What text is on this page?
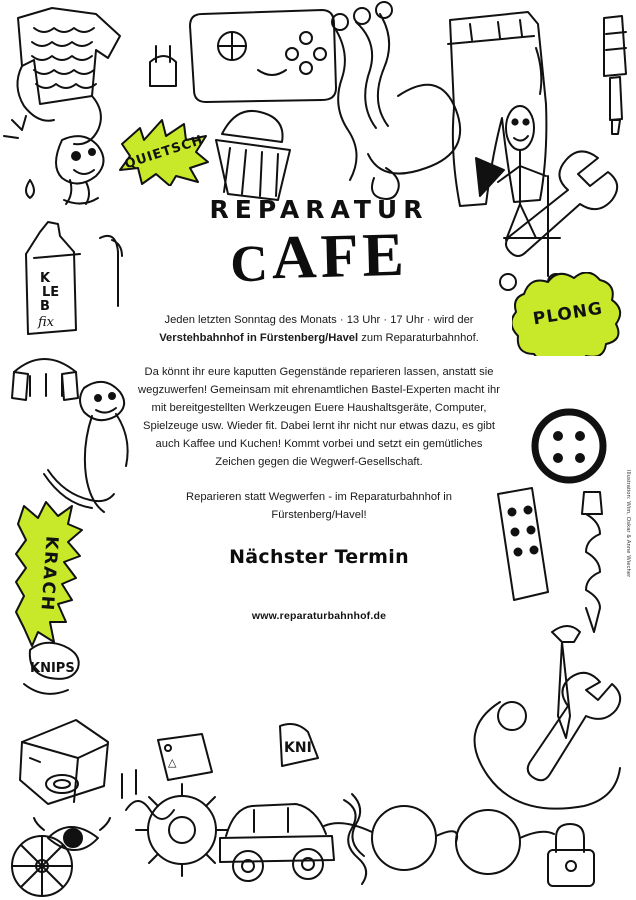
K
LE
B
fix
KNIPS
△
KNI
QUIETSCH
PLONG
KRACH
REPARATUR
CAFE

Jeden letzten Sonntag des Monats · 13 Uhr · 17 Uhr · wird der Verstehbahnhof in Fürstenberg/Havel zum Reparaturbahnhof.

Da könnt ihr eure kaputten Gegenstände reparieren lassen, anstatt sie wegzuwerfen! Gemeinsam mit ehrenamtlichen Bastel-Experten macht ihr mit bereitgestellten Werkzeugen Euere Haushaltsgeräte, Computer, Spielzeuge usw. Wieder fit. Dabei lernt ihr nicht nur etwas dazu, es gibt auch Kaffee und Kuchen! Kommt vorbei und setzt ein gemütliches Zeichen gegen die Wegwerf-Gesellschaft.

Reparieren statt Wegwerfen - im Reparaturbahnhof in Fürstenberg/Havel!

Nächster Termin
www.reparaturbahnhof.de
Illustration: Wim, Oskar & Anne Wiecher
